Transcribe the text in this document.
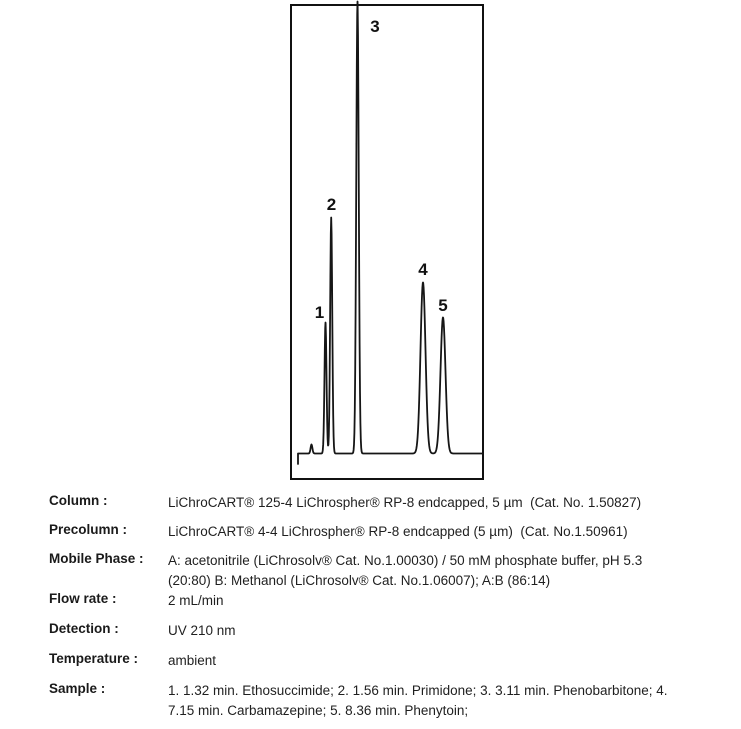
1
2
3
4
5
Column :	LiChroCART® 125-4 LiChrospher® RP-8 endcapped, 5 µm  (Cat. No. 1.50827)
Precolumn :	LiChroCART® 4-4 LiChrospher® RP-8 endcapped (5 µm)  (Cat. No.1.50961)
Mobile Phase : A: acetonitrile (LiChrosolv® Cat. No.1.00030) / 50 mM phosphate buffer, pH 5.3
(20:80) B: Methanol (LiChrosolv® Cat. No.1.06007); A:B (86:14)
Flow rate :	2 mL/min
Detection :	UV 210 nm
Temperature : ambient
Sample :	1. 1.32 min. Ethosuccimide; 2. 1.56 min. Primidone; 3. 3.11 min. Phenobarbitone; 4.
7.15 min. Carbamazepine; 5. 8.36 min. Phenytoin;
